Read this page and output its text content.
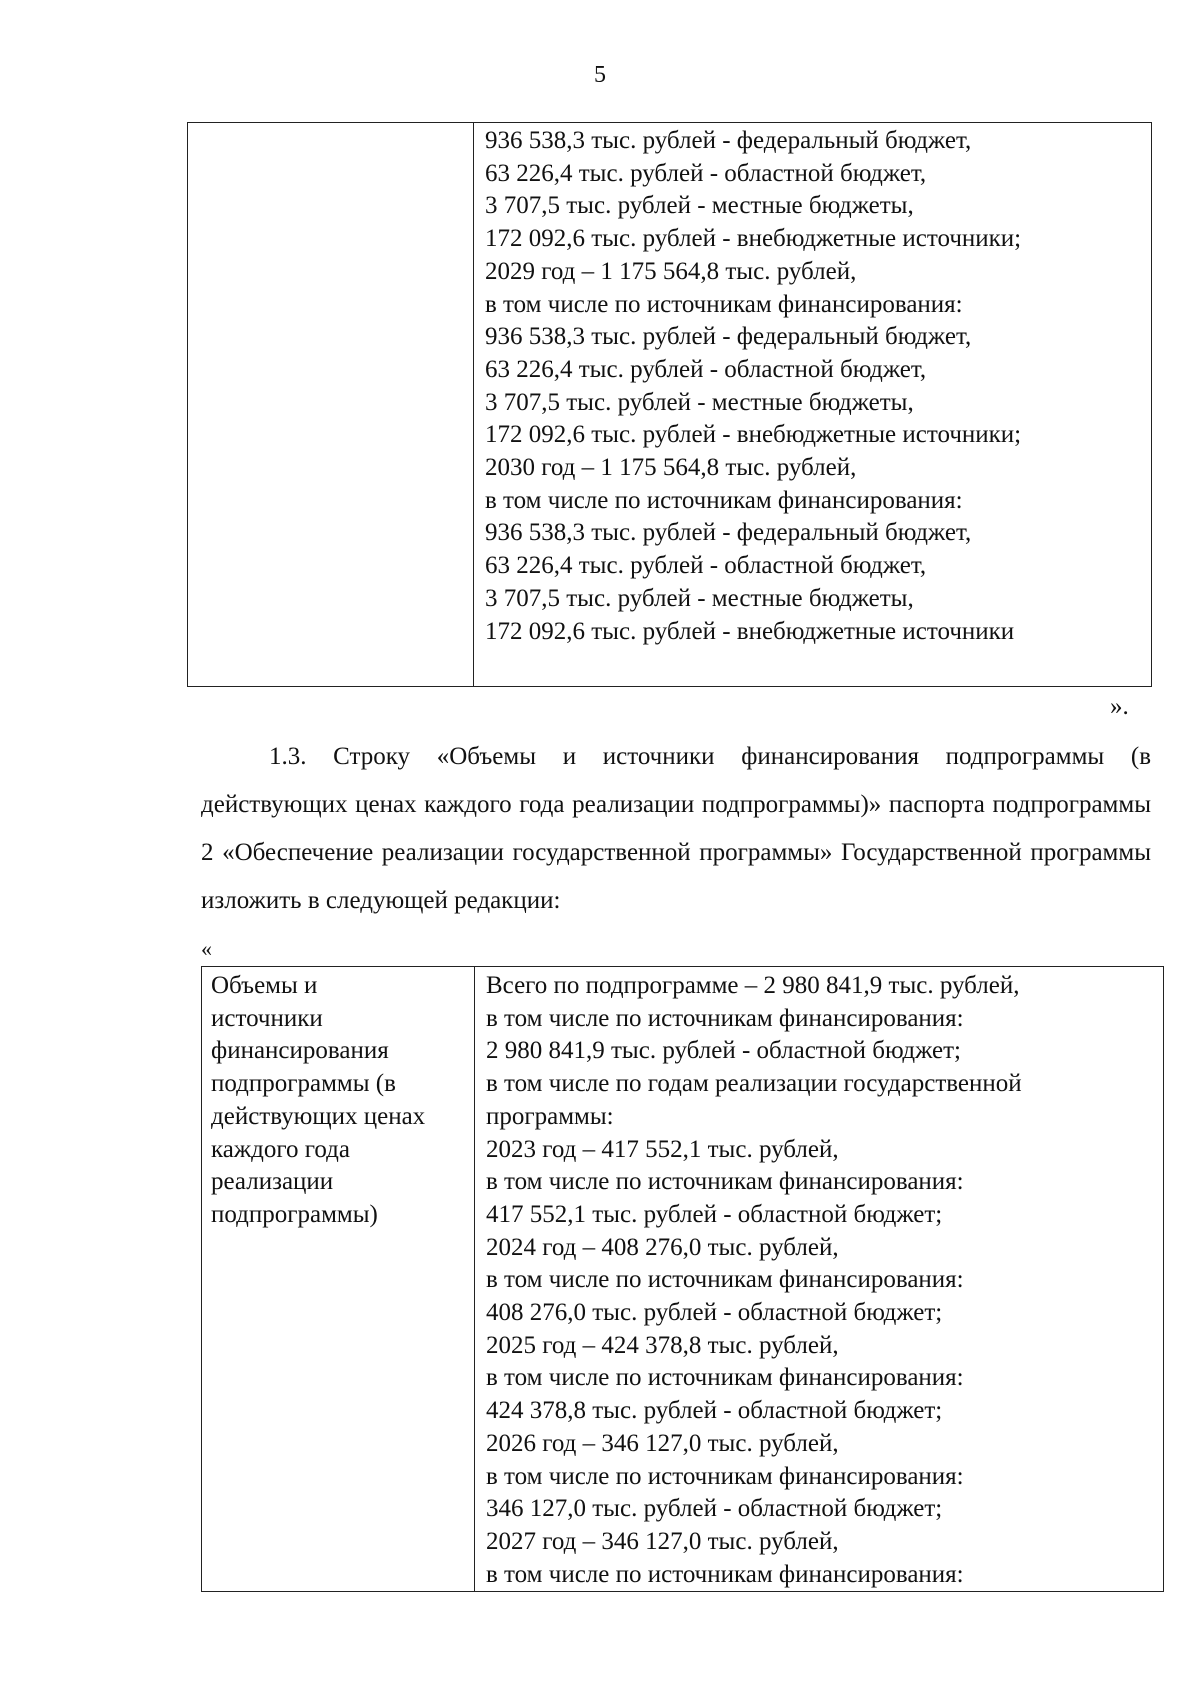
5

936 538,3 тыс. рублей - федеральный бюджет,
63 226,4 тыс. рублей - областной бюджет,
3 707,5 тыс. рублей - местные бюджеты,
172 092,6 тыс. рублей - внебюджетные источники;
2029 год – 1 175 564,8 тыс. рублей,
в том числе по источникам финансирования:
936 538,3 тыс. рублей - федеральный бюджет,
63 226,4 тыс. рублей - областной бюджет,
3 707,5 тыс. рублей - местные бюджеты,
172 092,6 тыс. рублей - внебюджетные источники;
2030 год – 1 175 564,8 тыс. рублей,
в том числе по источникам финансирования:
936 538,3 тыс. рублей - федеральный бюджет,
63 226,4 тыс. рублей - областной бюджет,
3 707,5 тыс. рублей - местные бюджеты,
172 092,6 тыс. рублей - внебюджетные источники
».
1.3. Строку «Объемы и источники финансирования подпрограммы (в действующих ценах каждого года реализации подпрограммы)» паспорта подпрограммы 2 «Обеспечение реализации государственной программы» Государственной программы изложить в следующей редакции:
«
Объемы и
источники
финансирования
подпрограммы (в
действующих ценах
каждого года
реализации
подпрограммы)

Всего по подпрограмме – 2 980 841,9 тыс. рублей,
в том числе по источникам финансирования:
2 980 841,9 тыс. рублей - областной бюджет;
в том числе по годам реализации государственной
программы:
2023 год – 417 552,1 тыс. рублей,
в том числе по источникам финансирования:
417 552,1 тыс. рублей - областной бюджет;
2024 год – 408 276,0 тыс. рублей,
в том числе по источникам финансирования:
408 276,0 тыс. рублей - областной бюджет;
2025 год – 424 378,8 тыс. рублей,
в том числе по источникам финансирования:
424 378,8 тыс. рублей - областной бюджет;
2026 год – 346 127,0 тыс. рублей,
в том числе по источникам финансирования:
346 127,0 тыс. рублей - областной бюджет;
2027 год – 346 127,0 тыс. рублей,
в том числе по источникам финансирования:
